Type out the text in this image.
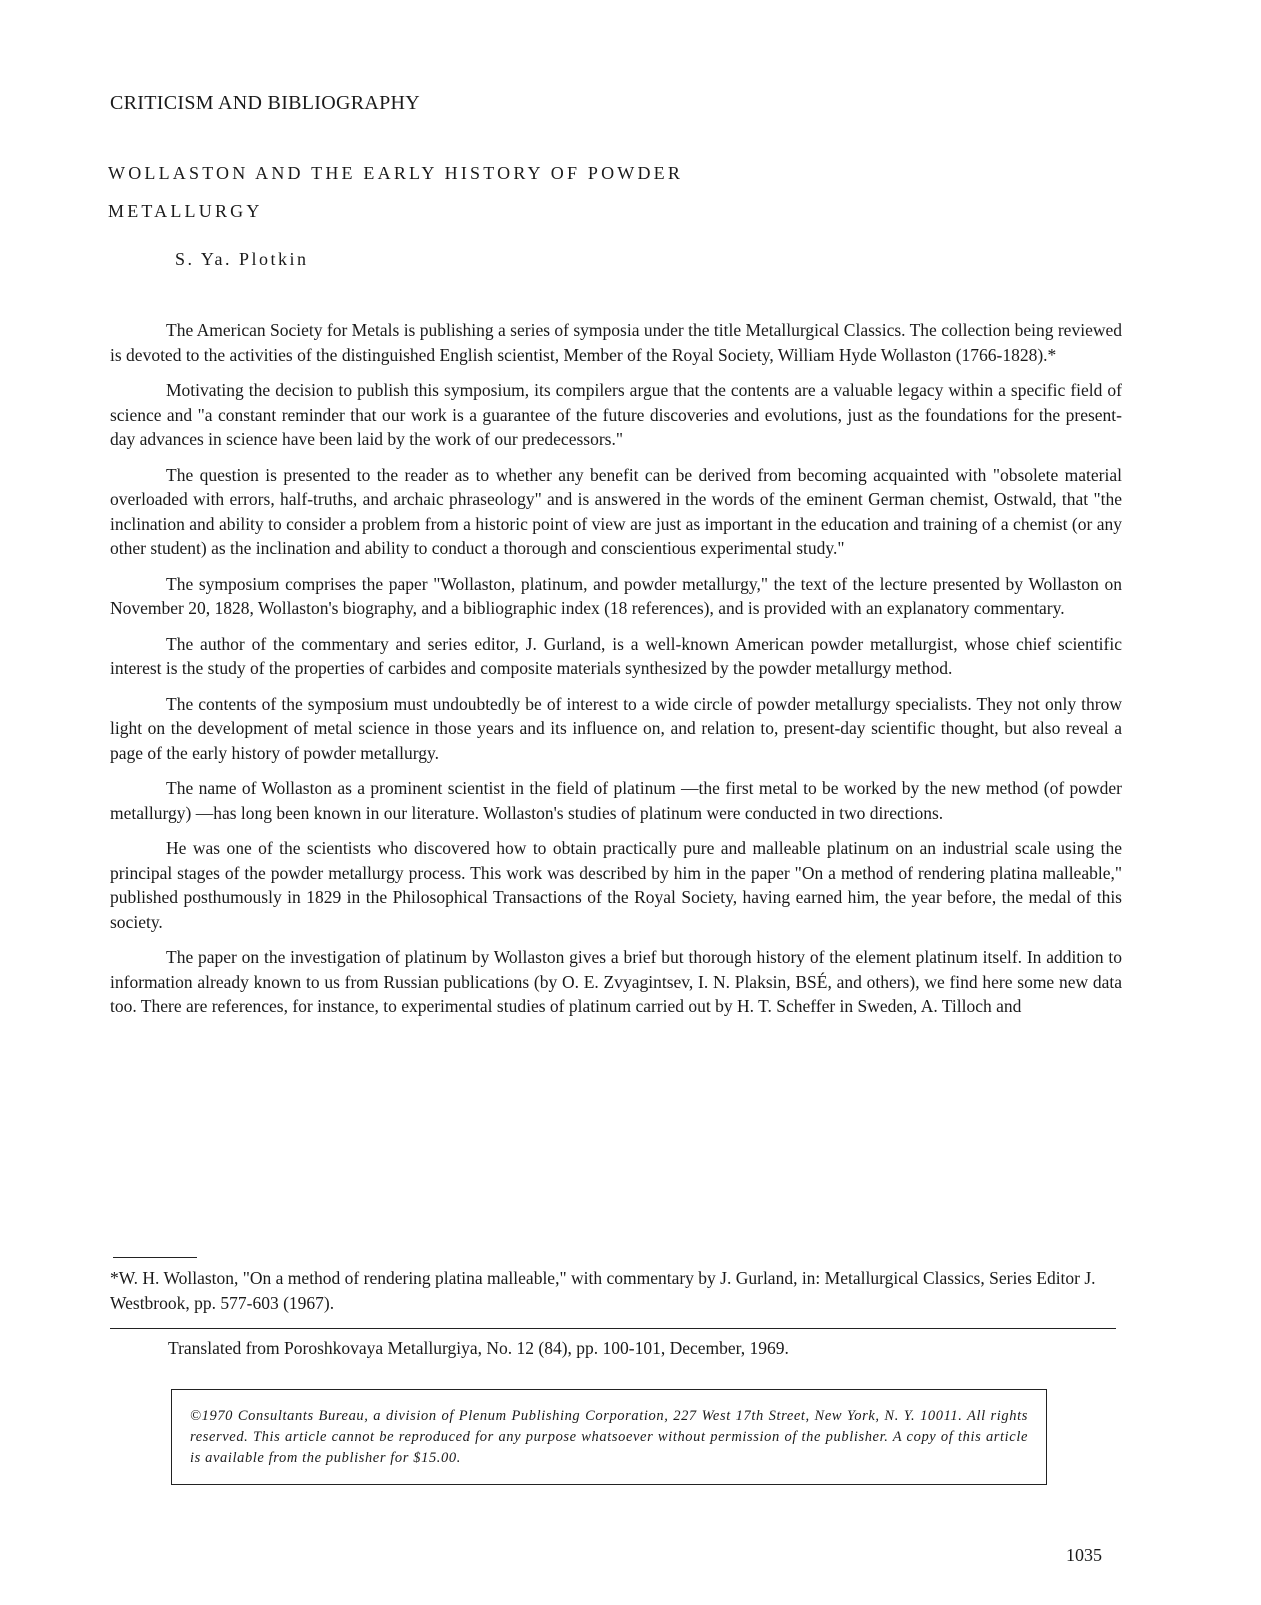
CRITICISM AND BIBLIOGRAPHY
WOLLASTON AND THE EARLY HISTORY OF POWDER
METALLURGY
S. Ya. Plotkin

The American Society for Metals is publishing a series of symposia under the title Metallurgical Classics. The collection being reviewed is devoted to the activities of the distinguished English scientist, Member of the Royal Society, William Hyde Wollaston (1766-1828).*

Motivating the decision to publish this symposium, its compilers argue that the contents are a valuable legacy within a specific field of science and "a constant reminder that our work is a guarantee of the future discoveries and evolutions, just as the foundations for the present-day advances in science have been laid by the work of our predecessors."

The question is presented to the reader as to whether any benefit can be derived from becoming acquainted with "obsolete material overloaded with errors, half-truths, and archaic phraseology" and is answered in the words of the eminent German chemist, Ostwald, that "the inclination and ability to consider a problem from a historic point of view are just as important in the education and training of a chemist (or any other student) as the inclination and ability to conduct a thorough and conscientious experimental study."

The symposium comprises the paper "Wollaston, platinum, and powder metallurgy," the text of the lecture presented by Wollaston on November 20, 1828, Wollaston's biography, and a bibliographic index (18 references), and is provided with an explanatory commentary.

The author of the commentary and series editor, J. Gurland, is a well-known American powder metallurgist, whose chief scientific interest is the study of the properties of carbides and composite materials synthesized by the powder metallurgy method.

The contents of the symposium must undoubtedly be of interest to a wide circle of powder metallurgy specialists. They not only throw light on the development of metal science in those years and its influence on, and relation to, present-day scientific thought, but also reveal a page of the early history of powder metallurgy.

The name of Wollaston as a prominent scientist in the field of platinum —the first metal to be worked by the new method (of powder metallurgy) —has long been known in our literature. Wollaston's studies of platinum were conducted in two directions.

He was one of the scientists who discovered how to obtain practically pure and malleable platinum on an industrial scale using the principal stages of the powder metallurgy process. This work was described by him in the paper "On a method of rendering platina malleable," published posthumously in 1829 in the Philosophical Transactions of the Royal Society, having earned him, the year before, the medal of this society.

The paper on the investigation of platinum by Wollaston gives a brief but thorough history of the element platinum itself. In addition to information already known to us from Russian publications (by O. E. Zvyagintsev, I. N. Plaksin, BSÉ, and others), we find here some new data too. There are references, for instance, to experimental studies of platinum carried out by H. T. Scheffer in Sweden, A. Tilloch and

*W. H. Wollaston, "On a method of rendering platina malleable," with commentary by J. Gurland, in: Metallurgical Classics, Series Editor J. Westbrook, pp. 577-603 (1967).
Translated from Poroshkovaya Metallurgiya, No. 12 (84), pp. 100-101, December, 1969.
©1970 Consultants Bureau, a division of Plenum Publishing Corporation, 227 West 17th Street, New York, N. Y. 10011. All rights reserved. This article cannot be reproduced for any purpose whatsoever without permission of the publisher. A copy of this article is available from the publisher for $15.00.
1035
